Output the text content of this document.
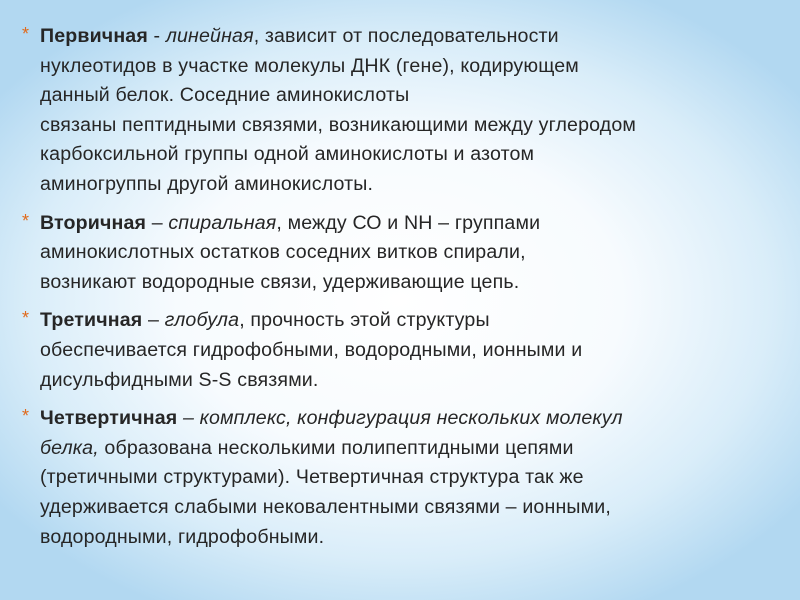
* Первичная - линейная, зависит от последовательности
нуклеотидов в участке молекулы ДНК (гене), кодирующем
данный белок. Соседние аминокислоты
связаны пептидными связями, возникающими между углеродом
карбоксильной группы одной аминокислоты и азотом
аминогруппы другой аминокислоты.
* Вторичная – спиральная, между СО и NH – группами
аминокислотных остатков соседних витков спирали,
возникают водородные связи, удерживающие цепь.
* Третичная – глобула, прочность этой структуры
обеспечивается гидрофобными, водородными, ионными и
дисульфидными S-S связями.
* Четвертичная – комплекс, конфигурация нескольких молекул
белка, образована несколькими полипептидными цепями
(третичными структурами). Четвертичная структура так же
удерживается слабыми нековалентными связями – ионными,
водородными, гидрофобными.
